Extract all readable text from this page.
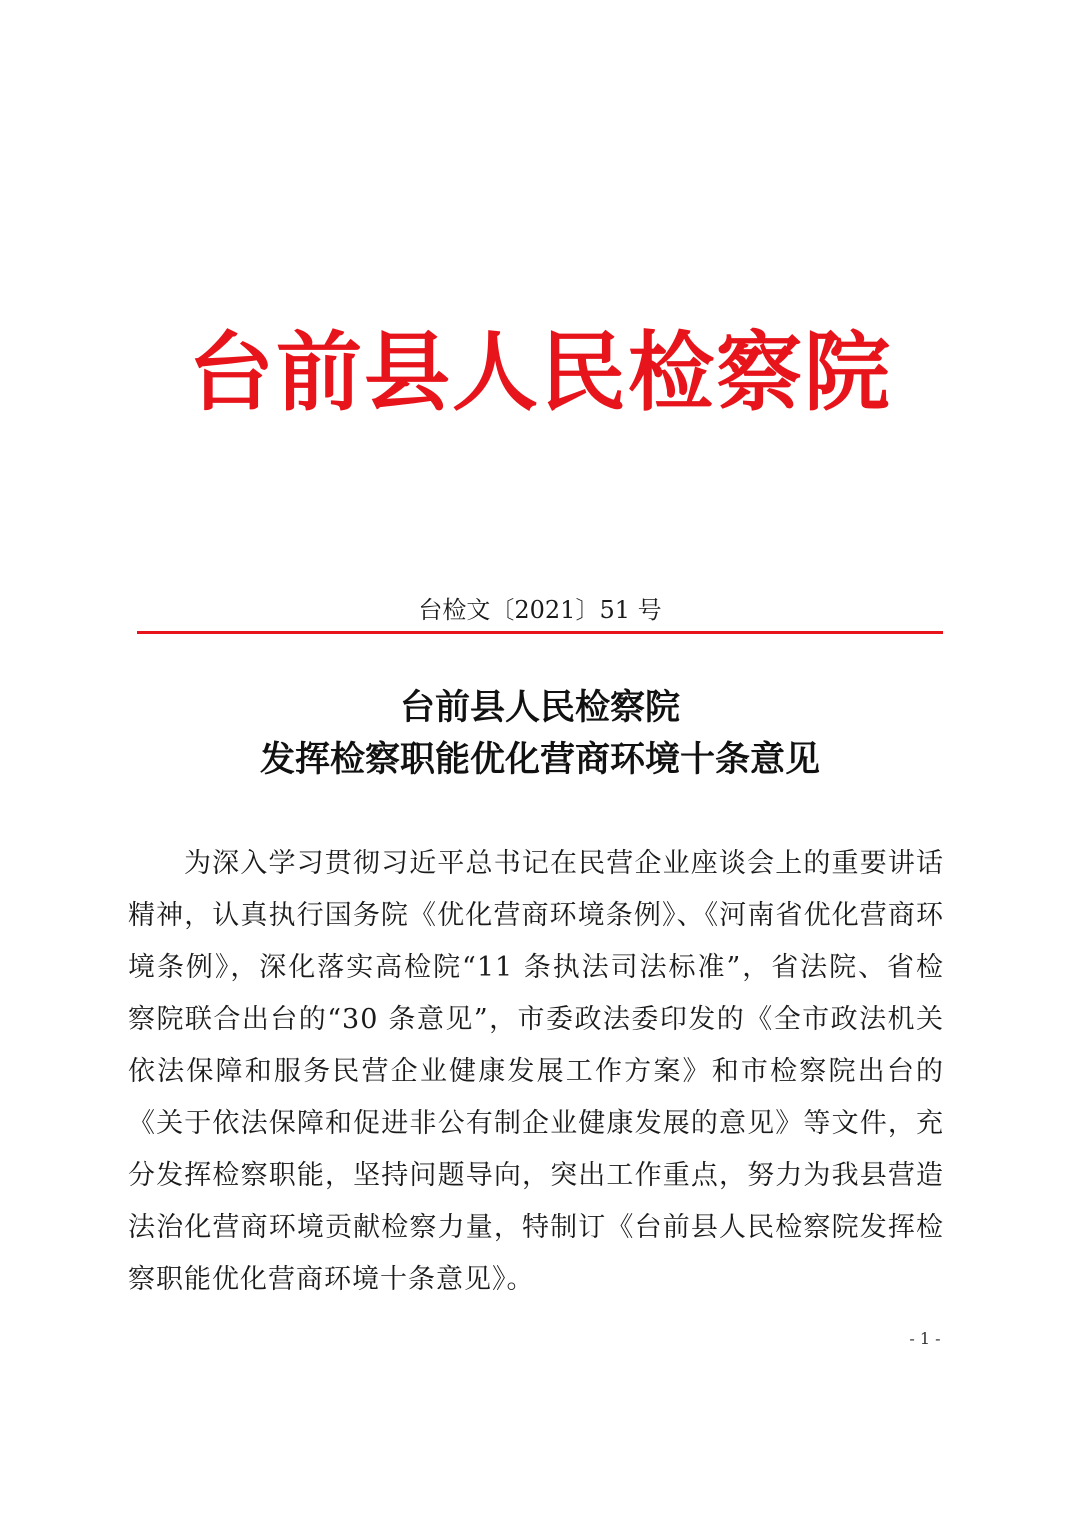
台前县人民检察院
台检文〔2021〕51 号
台前县人民检察院
发挥检察职能优化营商环境十条意见

为深入学习贯彻习近平总书记在民营企业座谈会上的重要讲话精神，认真执行国务院《优化营商环境条例》、《河南省优化营商环境条例》，深化落实高检院“11 条执法司法标准”，省法院、省检察院联合出台的“30 条意见”，市委政法委印发的《全市政法机关依法保障和服务民营企业健康发展工作方案》和市检察院出台的《关于依法保障和促进非公有制企业健康发展的意见》等文件，充分发挥检察职能，坚持问题导向，突出工作重点，努力为我县营造法治化营商环境贡献检察力量，特制订《台前县人民检察院发挥检察职能优化营商环境十条意见》。

- 1 -
